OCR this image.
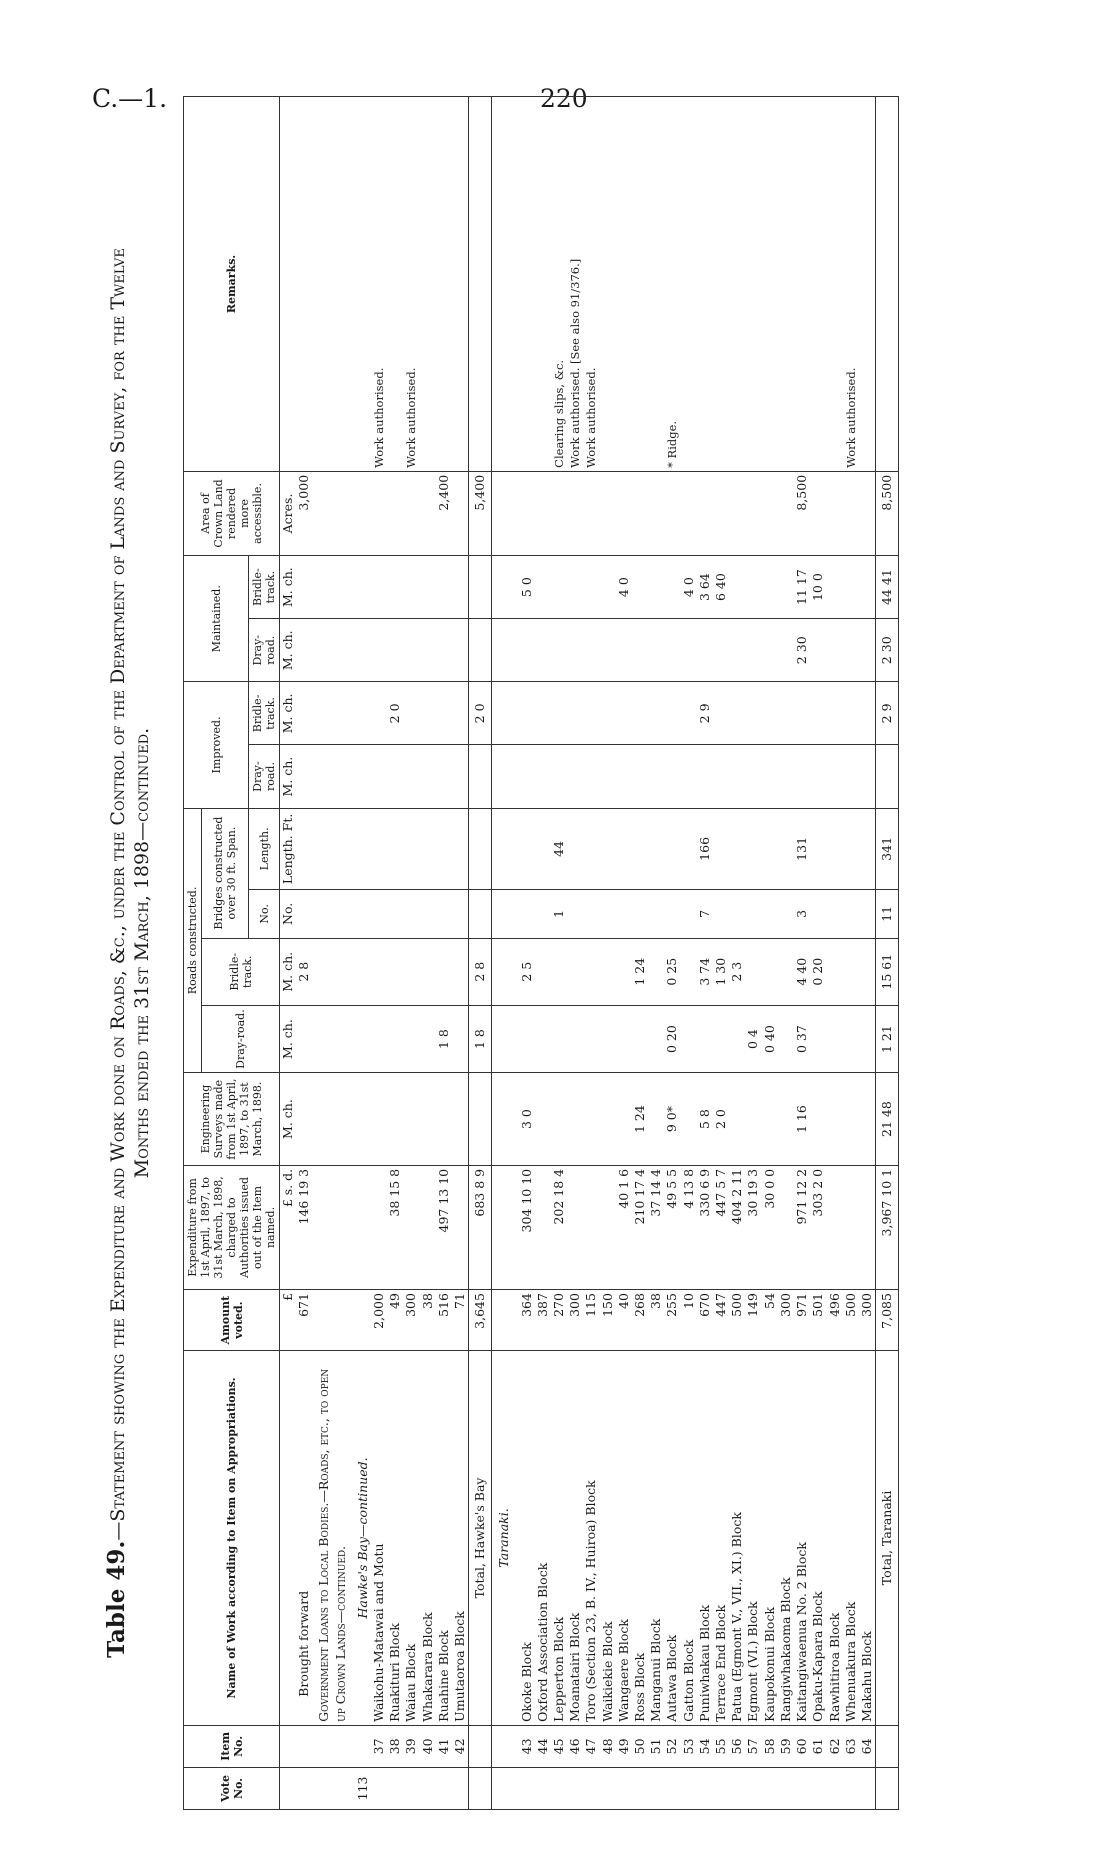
C.—1.	220
Table 49.—Statement showing the Expenditure and Work done on Roads, &c., under the Control of the Department of Lands and Survey, for the Twelve Months ended the 31st March, 1898—continued.
Vote No.	Item No.	Name of Work according to Item on Appropriations.	Amount voted.	Expenditure from 1st April, 1897, to 31st March, 1898, charged to Authorities issued out of the Item named.	Engineering Surveys made from 1st April, 1897, to 31st March, 1898.	Roads constructed.				Improved.		Maintained.		Area of Crown Land rendered more accessible.	Remarks.
						Dray-road.	Bridle-track.	Bridges constructed over 30 ft. Span.							
								No.	Length.	Dray-road.	Bridle-track.	Dray-road.	Bridle-track.		
			£	£ s. d.	M. ch.	M. ch.	M. ch.	No.	Length. Ft.	M. ch.	M. ch.	M. ch.	M. ch.	Acres.	
		Brought forward	671	146 19 3			2 8							3,000	
		Government Loans to Local Bodies.—Roads, etc., to open up Crown Lands—continued.													
113		Hawke's Bay—continued.													
	37	Waikohu-Matawai and Motu	2,000												Work authorised.
	38	Ruakituri Block	49	38 15 8							2 0				
	39	Waiau Block	300												Work authorised.
	40	Whakarara Block	38												
	41	Ruahine Block	516	497 13 10		1 8								2,400	
	42	Umutaoroa Block	71												
		Total, Hawke's Bay	3,645	683 8 9		1 8	2 8				2 0			5,400	
		Taranaki.													
	43	Okoke Block	364	304 10 10	3 0		2 5						5 0		
	44	Oxford Association Block	387												
	45	Lepperton Block	270	202 18 4				1	44						Clearing slips, &c.
	46	Moanatairi Block	300												Work authorised. [See also 91/376.]
	47	Toro (Section 23, B. IV., Huiroa) Block	115												Work authorised.
	48	Waikiekie Block	150												
	49	Wangaere Block	40	40 1 6									4 0		
	50	Ross Block	268	210 17 4	1 24		1 24								
	51	Manganui Block	38	37 14 4											
	52	Autawa Block	255	49 5 5	9 0*	0 20	0 25								* Ridge.
	53	Gatton Block	10	4 13 8									4 0		
	54	Puniwhakau Block	670	330 6 9	5 8		3 74	7	166		2 9		3 64		
	55	Terrace End Block	447	447 5 7	2 0		1 30						6 40		
	56	Patua (Egmont V., VII., XI.) Block	500	404 2 11			2 3								
	57	Egmont (VI.) Block	149	30 19 3		0 4									
	58	Kaupokonui Block	54	30 0 0		0 40									
	59	Rangiwhakaoma Block	300												
	60	Kaitangiwaenua No. 2 Block	971	971 12 2	1 16	0 37	4 40	3	131			2 30	11 17	8,500	
	61	Opaku-Kapara Block	501	303 2 0			0 20						10 0		
	62	Rawhitiroa Block	496												
	63	Whenuakura Block	500												Work authorised.
	64	Makahu Block	300												
		Total, Taranaki	7,085	3,967 10 1	21 48	1 21	15 61	11	341		2 9	2 30	44 41	8,500	
